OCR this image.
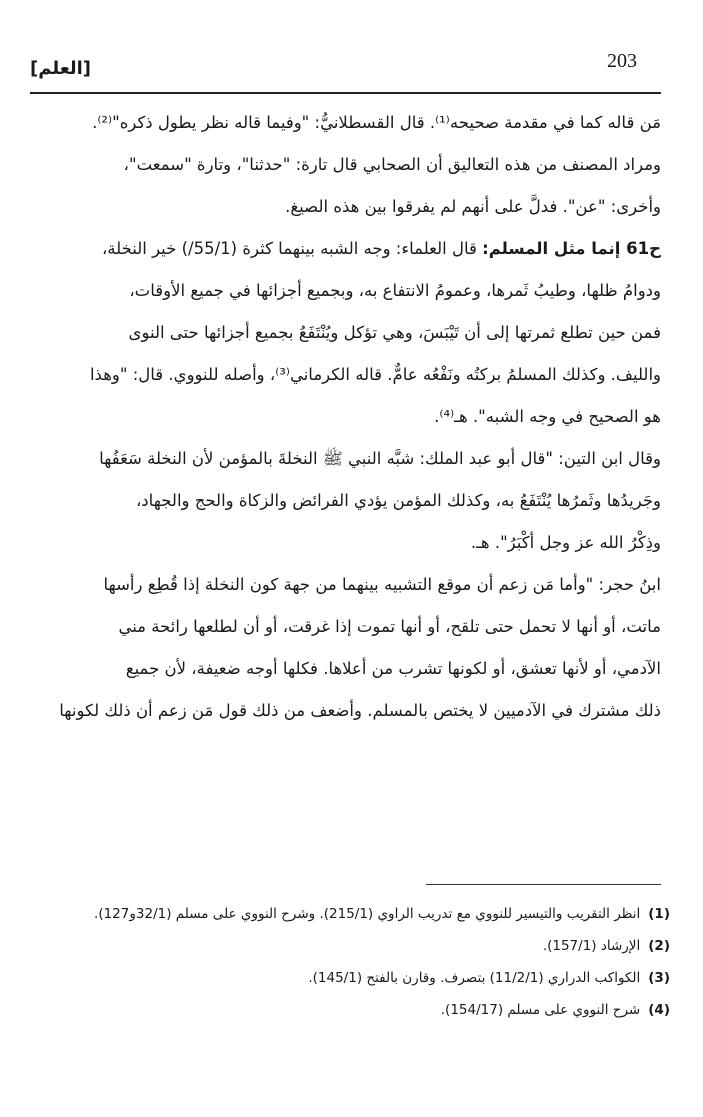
203
[العلم]
مَن قاله كما في مقدمة صحيحه⁽¹⁾. قال القسطلانيُّ: "وفيما قاله نظر يطول ذكره"⁽²⁾.
ومراد المصنف من هذه التعاليق أن الصحابي قال تارة: "حدثنا"، وتارة "سمعت"،
وأخرى: "عن". فدلَّ على أنهم لم يفرقوا بين هذه الصيغ.
ح61 إنما مثل المسلم: قال العلماء: وجه الشبه بينهما كثرة (55/1/) خير النخلة،
ودوامُ ظلها، وطيبُ ثَمرها، وعمومُ الانتفاع به، وبجميع أجزائها في جميع الأوقات،
فمن حين تطلع ثمرتها إلى أن تَيْبَسَ، وهي تؤكل ويُنْتَفَعُ بجميع أجزائها حتى النوى
والليف. وكذلك المسلمُ بركتُه ونَفْعُه عامٌّ. قاله الكرماني⁽³⁾، وأصله للنووي. قال: "وهذا
هو الصحيح في وجه الشبه". هـ⁽⁴⁾.
وقال ابن التين: "قال أبو عبد الملك: شبَّه النبي ﷺ النخلةَ بالمؤمن لأن النخلة سَعَفُها
وجَريدُها وثَمرُها يُنْتَفَعُ به، وكذلك المؤمن يؤدي الفرائض والزكاة والحج والجهاد،
وذِكْرُ الله عز وجل أكْبَرُ". هـ.
ابنُ حجر: "وأما مَن زعم أن موقع التشبيه بينهما من جهة كون النخلة إذا قُطِع رأسها
ماتت، أو أنها لا تحمل حتى تلقح، أو أنها تموت إذا غرقت، أو أن لطلعها رائحة مني
الآدمي، أو لأنها تعشق، أو لكونها تشرب من أعلاها. فكلها أوجه ضعيفة، لأن جميع
ذلك مشترك في الآدميين لا يختص بالمسلم. وأضعف من ذلك قول مَن زعم أن ذلك لكونها
(1)انظر التقريب والتيسير للنووي مع تدريب الراوي (215/1). وشرح النووي على مسلم (32/1و127).
(2)الإرشاد (157/1).
(3)الكواكب الدراري (11/2/1) بتصرف. وقارن بالفتح (145/1).
(4)شرح النووي على مسلم (154/17).
